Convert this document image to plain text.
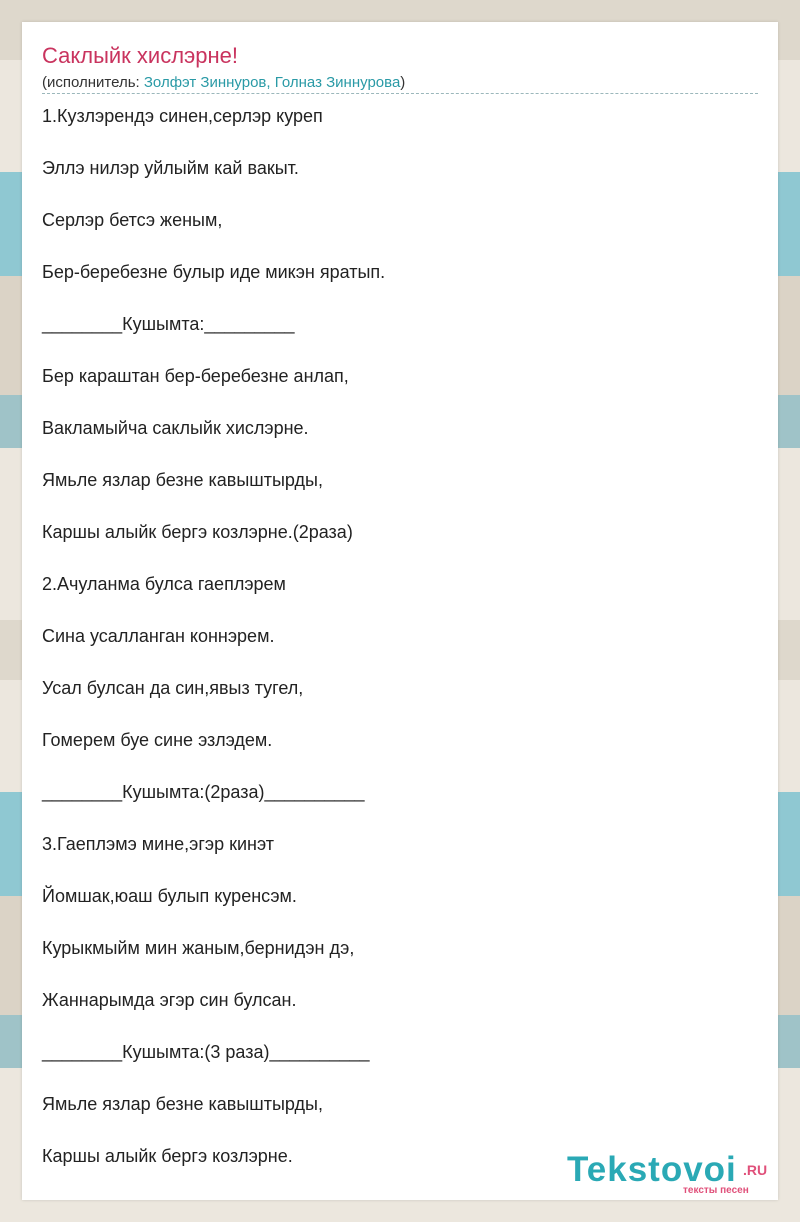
Саклыйк хислэрне!
(исполнитель: Золфэт Зиннуров, Голназ Зиннурова)
1.Кузлэрендэ синен,серлэр куреп
Эллэ нилэр уйлыйм кай вакыт.
Серлэр бетсэ женым,
Бер-беребезне булыр иде микэн яратып.
________Кушымта:_________
Бер караштан бер-беребезне анлап,
Вакламыйча саклыйк хислэрне.
Ямьле язлар безне кавыштырды,
Каршы алыйк бергэ козлэрне.(2раза)
2.Ачуланма булса гаеплэрем
Сина усалланган коннэрем.
Усал булсан да син,явыз тугел,
Гомерем буе сине эзлэдем.
________Кушымта:(2раза)__________
3.Гаеплэмэ мине,эгэр кинэт
Йомшак,юаш булып куренсэм.
Курыкмыйм мин жаным,бернидэн дэ,
Жаннарымда эгэр син булсан.
________Кушымта:(3 раза)__________
Ямьле язлар безне кавыштырды,
Каршы алыйк бергэ козлэрне.	Tekstovoi .RU
тексты песен
